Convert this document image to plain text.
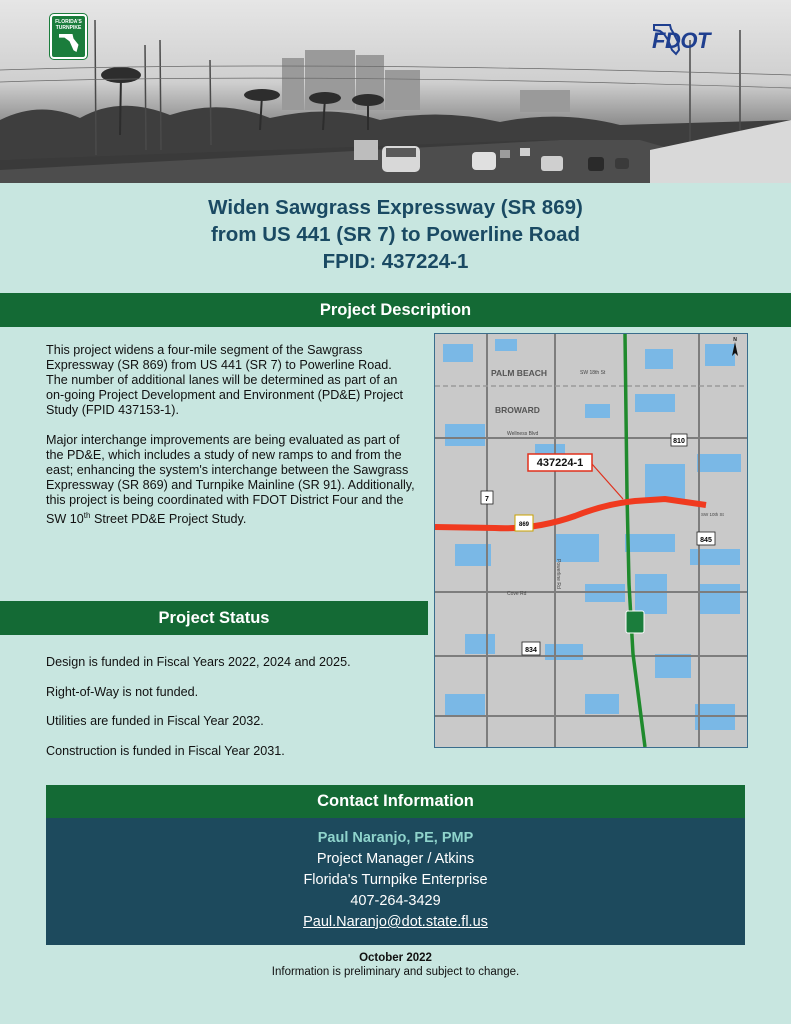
FLORIDA'S TURNPIKE	FDOT
Widen Sawgrass Expressway (SR 869)
from US 441 (SR 7) to Powerline Road
FPID: 437224-1
Project Description

This project widens a four-mile segment of the Sawgrass Expressway (SR 869) from US 441 (SR 7) to Powerline Road. The number of additional lanes will be determined as part of an on-going Project Development and Environment (PD&E) Project Study (FPID 437153-1).

Major interchange improvements are being evaluated as part of the PD&E, which includes a study of new ramps to and from the east; enhancing the system's interchange between the Sawgrass Expressway (SR 869) and Turnpike Mainline (SR 91). Additionally, this project is being coordinated with FDOT District Four and the SW 10th Street PD&E Project Study.

PALM BEACH
BROWARD
SW 18th St
Wellness Blvd
SW 10th St
Cove Rd
Powerline Rd
437224-1
810
7
845
834
869
N
Project Status

Design is funded in Fiscal Years 2022, 2024 and 2025.

Right-of-Way is not funded.

Utilities are funded in Fiscal Year 2032.

Construction is funded in Fiscal Year 2031.

Contact Information
Paul Naranjo, PE, PMP
Project Manager / Atkins
Florida's Turnpike Enterprise
407-264-3429
Paul.Naranjo@dot.state.fl.us
October 2022
Information is preliminary and subject to change.
